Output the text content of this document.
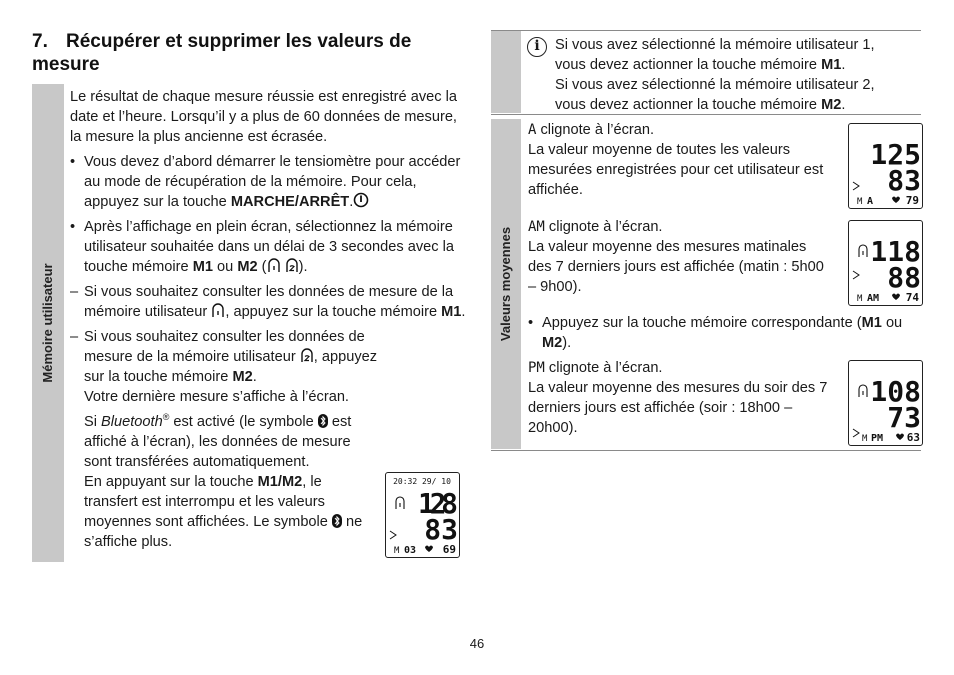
7. Récupérer et supprimer les valeurs de mesure
Mémoire utilisateur

Le résultat de chaque mesure réussie est enregistré avec la date et l’heure. Lorsqu’il y a plus de 60 données de mesure, la mesure la plus ancienne est écrasée.

• Vous devez d’abord démarrer le tensiomètre pour accéder au mode de récupération de la mémoire. Pour cela, appuyez sur la touche MARCHE/ARRÊT.

• Après l’affichage en plein écran, sélectionnez la mémoire utilisateur souhaitée dans un délai de 3 secondes avec la touche mémoire M1 ou M2 ( ).

– Si vous souhaitez consulter les données de mesure de la mémoire utilisateur , appuyez sur la touche mémoire M1.

– Si vous souhaitez consulter les données de mesure de la mémoire utilisateur , appuyez sur la touche mémoire M2.
Votre dernière mesure s’affiche à l’écran.
Si Bluetooth® est activé (le symbole  est affiché à l’écran), les données de mesure sont transférées automatiquement.
En appuyant sur la touche M1/M2, le transfert est interrompu et les valeurs moyennes sont affichées. Le symbole  ne s’affiche plus.
20:32 29/ 10
128
83
M 03 69
i	Si vous avez sélectionné la mémoire utilisateur 1, vous devez actionner la touche mémoire M1.

Si vous avez sélectionné la mémoire utilisateur 2, vous devez actionner la touche mémoire M2.

Valeurs moyennes

A clignote à l’écran.

La valeur moyenne de toutes les valeurs mesurées enregistrées pour cet utilisateur est affichée.

AM clignote à l’écran.

La valeur moyenne des mesures matinales des 7 derniers jours est affichée (matin : 5h00 – 9h00).

• Appuyez sur la touche mémoire correspondante (M1 ou M2).

PM clignote à l’écran.

La valeur moyenne des mesures du soir des 7 derniers jours est affichée (soir : 18h00 – 20h00).

125
83
M A	79
118
88
M AM 74
108
73
M PM 63
46
